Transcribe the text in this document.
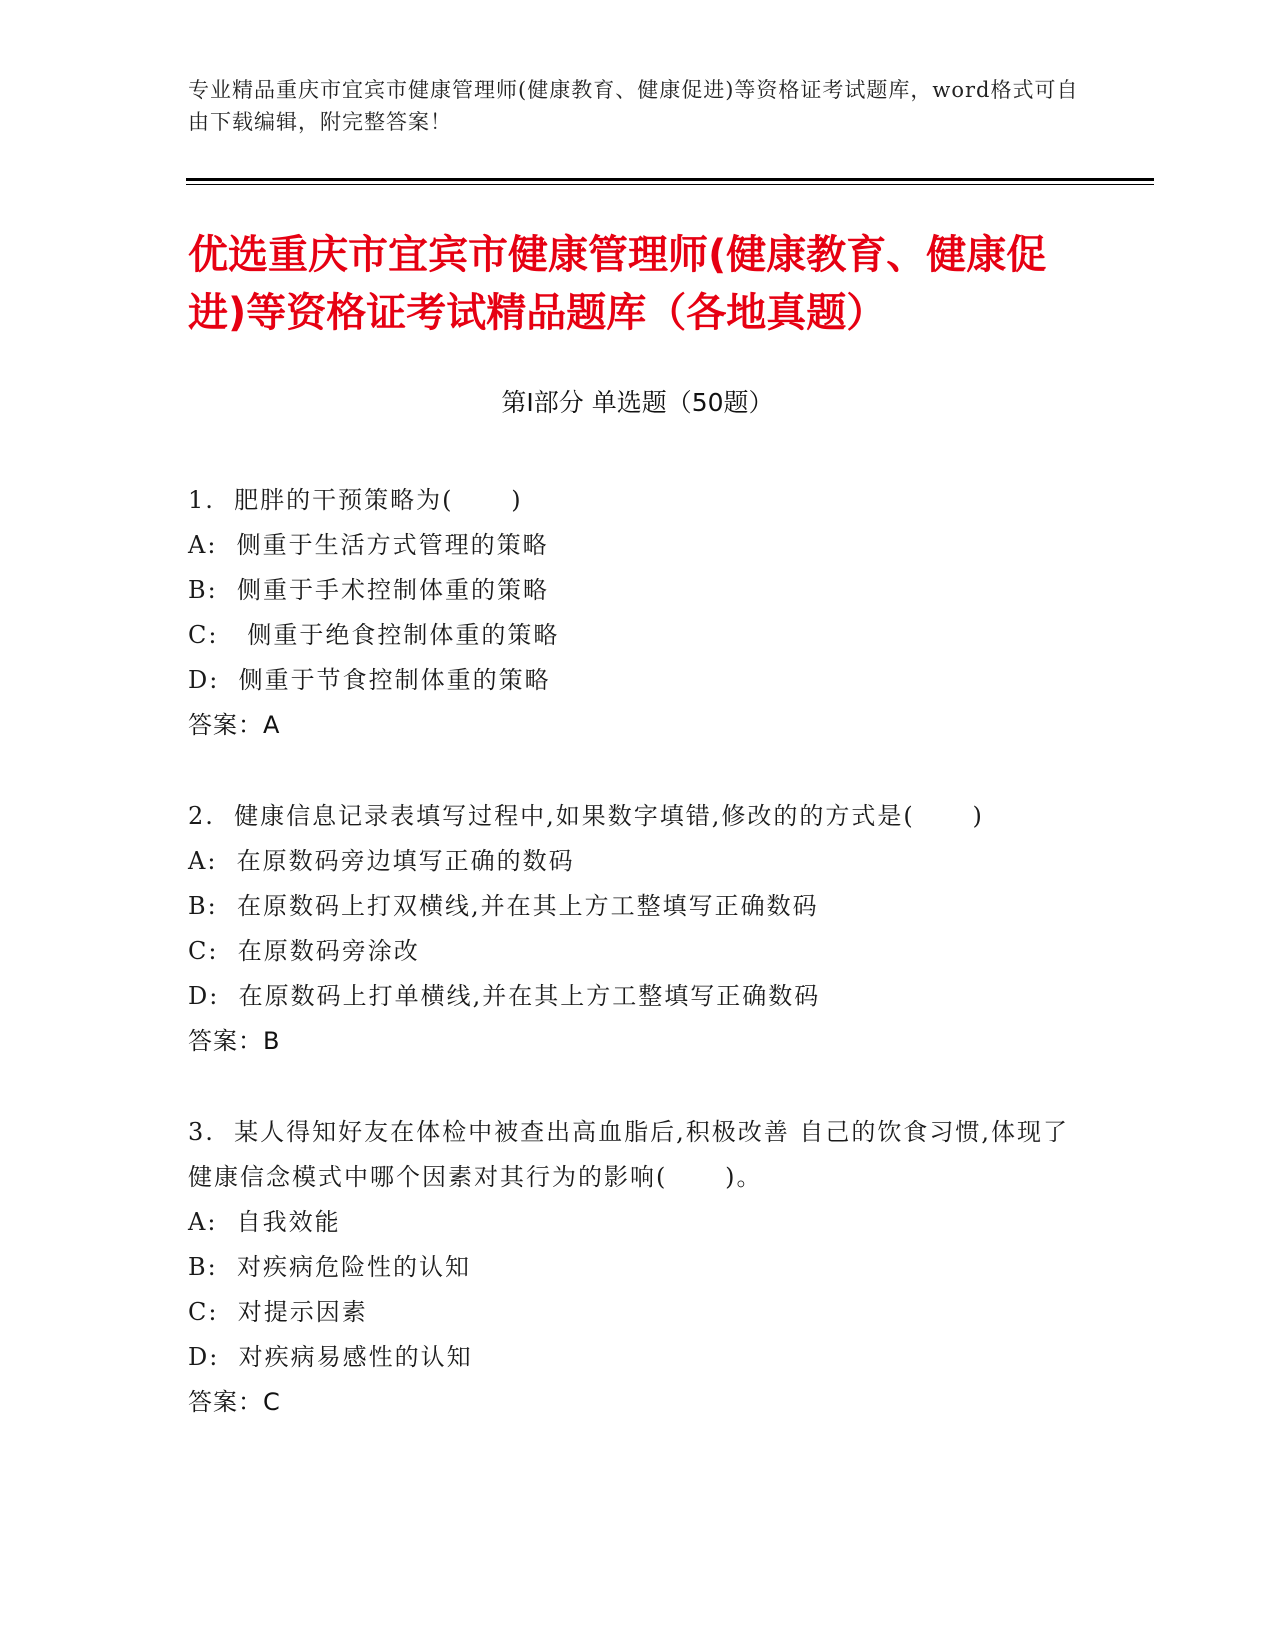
专业精品重庆市宜宾市健康管理师(健康教育、健康促进)等资格证考试题库，word格式可自由下载编辑，附完整答案！
优选重庆市宜宾市健康管理师(健康教育、健康促进)等资格证考试精品题库（各地真题）
第Ⅰ部分 单选题（50题）
1.  肥胖的干预策略为(      )
A:  侧重于生活方式管理的策略
B:  侧重于手术控制体重的策略
C:   侧重于绝食控制体重的策略
D:  侧重于节食控制体重的策略
答案：A
2.  健康信息记录表填写过程中,如果数字填错,修改的的方式是(      )
A:  在原数码旁边填写正确的数码
B:  在原数码上打双横线,并在其上方工整填写正确数码
C:  在原数码旁涂改
D:  在原数码上打单横线,并在其上方工整填写正确数码
答案：B
3.  某人得知好友在体检中被查出高血脂后,积极改善 自己的饮食习惯,体现了健康信念模式中哪个因素对其行为的影响(      )。
A:  自我效能
B:  对疾病危险性的认知
C:  对提示因素
D:  对疾病易感性的认知
答案：C
